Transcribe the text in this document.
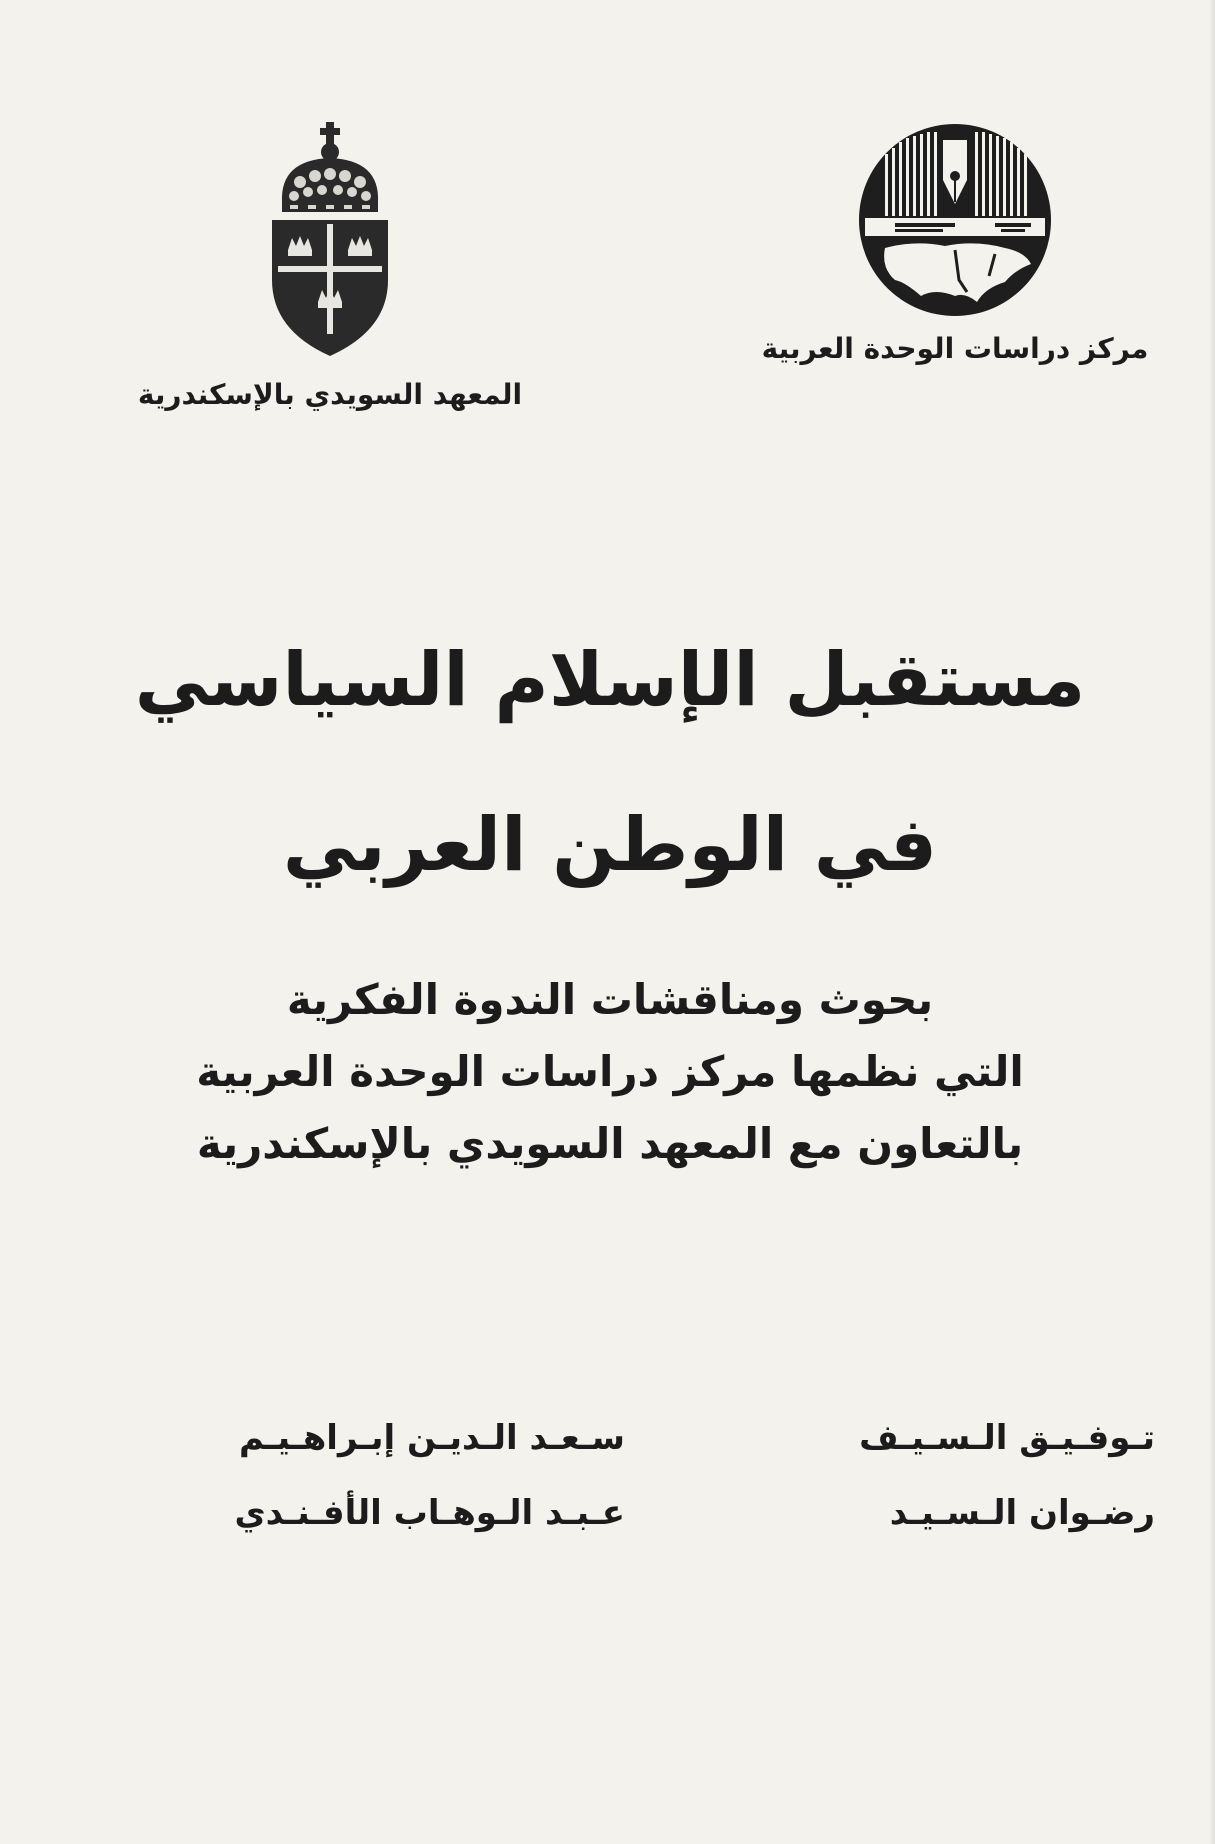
المعهد السويدي بالإسكندرية
مركز دراسات الوحدة العربية
مستقبل الإسلام السياسي
في الوطن العربي
بحوث ومناقشات الندوة الفكرية
التي نظمها مركز دراسات الوحدة العربية
بالتعاون مع المعهد السويدي بالإسكندرية
تـوفـيـق الـسـيـف
سـعـد الـديـن إبـراهـيـم
رضـوان الـسـيـد
عـبـد الـوهـاب الأفـنـدي
